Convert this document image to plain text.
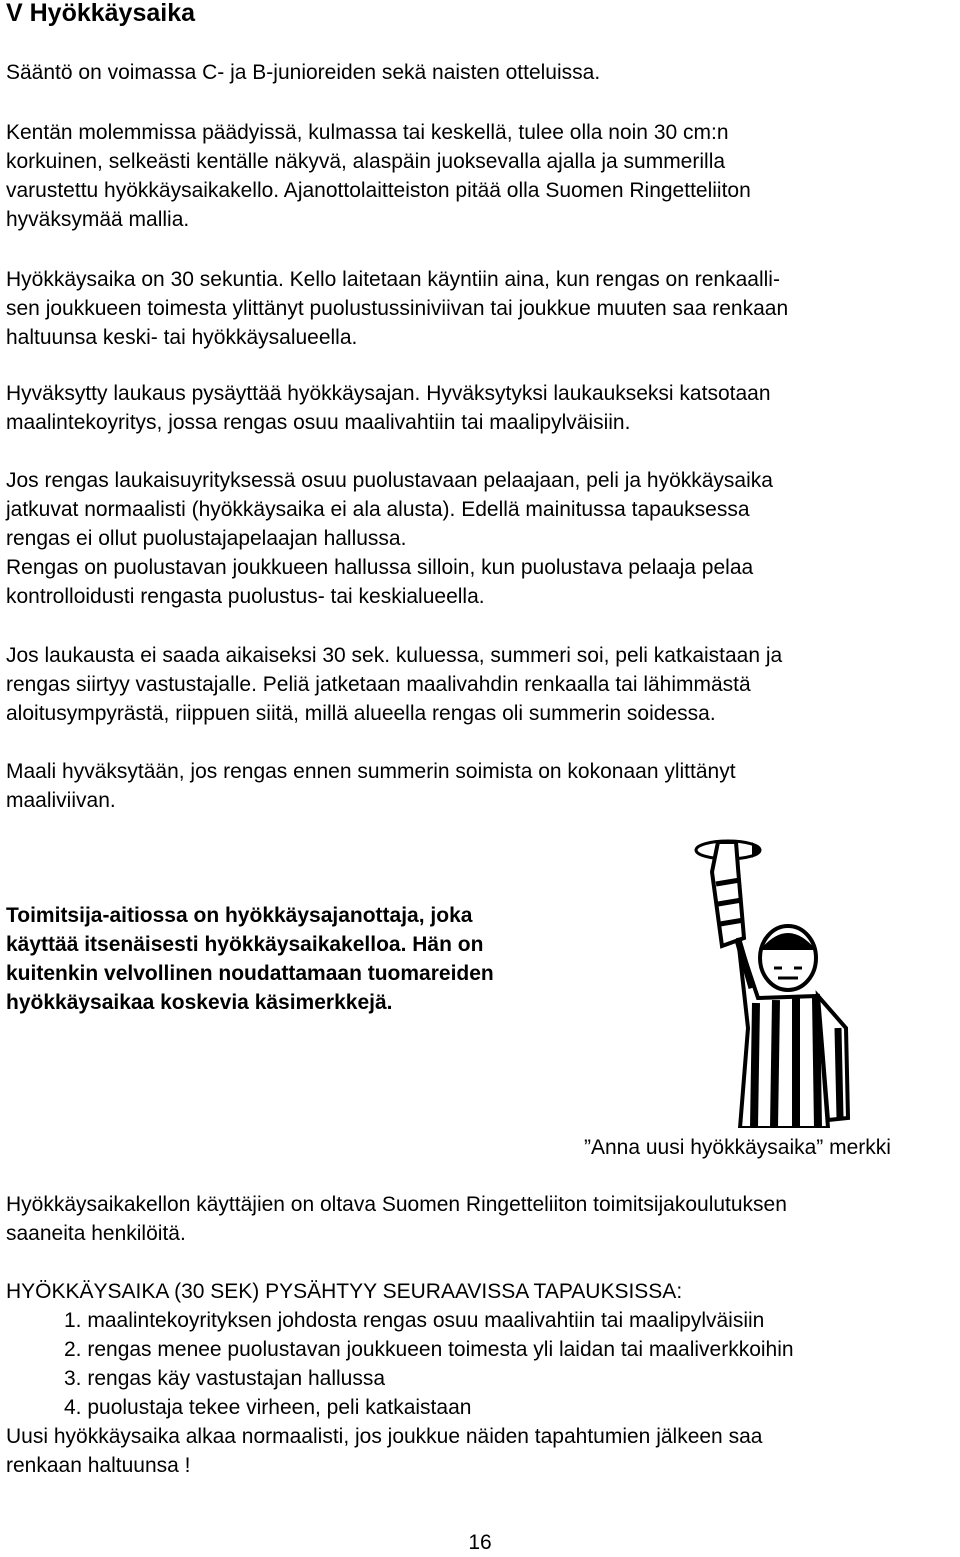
V Hyökkäysaika

Sääntö on voimassa C- ja B-junioreiden sekä naisten otteluissa.

Kentän molemmissa päädyissä, kulmassa tai keskellä, tulee olla noin 30 cm:n
korkuinen, selkeästi kentälle näkyvä, alaspäin juoksevalla ajalla ja summerilla
varustettu hyökkäysaikakello. Ajanottolaitteiston pitää olla Suomen Ringetteliiton
hyväksymää mallia.

Hyökkäysaika on 30 sekuntia. Kello laitetaan käyntiin aina, kun rengas on renkaalli-
sen joukkueen toimesta ylittänyt puolustussiniviivan tai joukkue muuten saa renkaan
haltuunsa keski- tai hyökkäysalueella.

Hyväksytty laukaus pysäyttää hyökkäysajan. Hyväksytyksi laukaukseksi katsotaan
maalintekoyritys, jossa rengas osuu maalivahtiin tai maalipylväisiin.

Jos rengas laukaisuyrityksessä osuu puolustavaan pelaajaan, peli ja hyökkäysaika
jatkuvat normaalisti (hyökkäysaika ei ala alusta). Edellä mainitussa tapauksessa
rengas ei ollut puolustajapelaajan hallussa.
Rengas on puolustavan joukkueen hallussa silloin, kun puolustava pelaaja pelaa
kontrolloidusti rengasta puolustus- tai keskialueella.

Jos laukausta ei saada aikaiseksi 30 sek. kuluessa, summeri soi, peli katkaistaan ja
rengas siirtyy vastustajalle. Peliä jatketaan maalivahdin renkaalla tai lähimmästä
aloitusympyrästä, riippuen siitä, millä alueella rengas oli summerin soidessa.

Maali hyväksytään, jos rengas ennen summerin soimista on kokonaan ylittänyt
maaliviivan.

Toimitsija-aitiossa on hyökkäysajanottaja, joka
käyttää itsenäisesti hyökkäysaikakelloa. Hän on
kuitenkin velvollinen noudattamaan tuomareiden
hyökkäysaikaa koskevia käsimerkkejä.

”Anna uusi hyökkäysaika” merkki

Hyökkäysaikakellon käyttäjien on oltava Suomen Ringetteliiton toimitsijakoulutuksen
saaneita henkilöitä.

HYÖKKÄYSAIKA (30 SEK) PYSÄHTYY SEURAAVISSA TAPAUKSISSA:
1. maalintekoyrityksen johdosta rengas osuu maalivahtiin tai maalipylväisiin
2. rengas menee puolustavan joukkueen toimesta yli laidan tai maaliverkkoihin
3. rengas käy vastustajan hallussa
4. puolustaja tekee virheen, peli katkaistaan

Uusi hyökkäysaika alkaa normaalisti, jos joukkue näiden tapahtumien jälkeen saa
renkaan haltuunsa !

16
